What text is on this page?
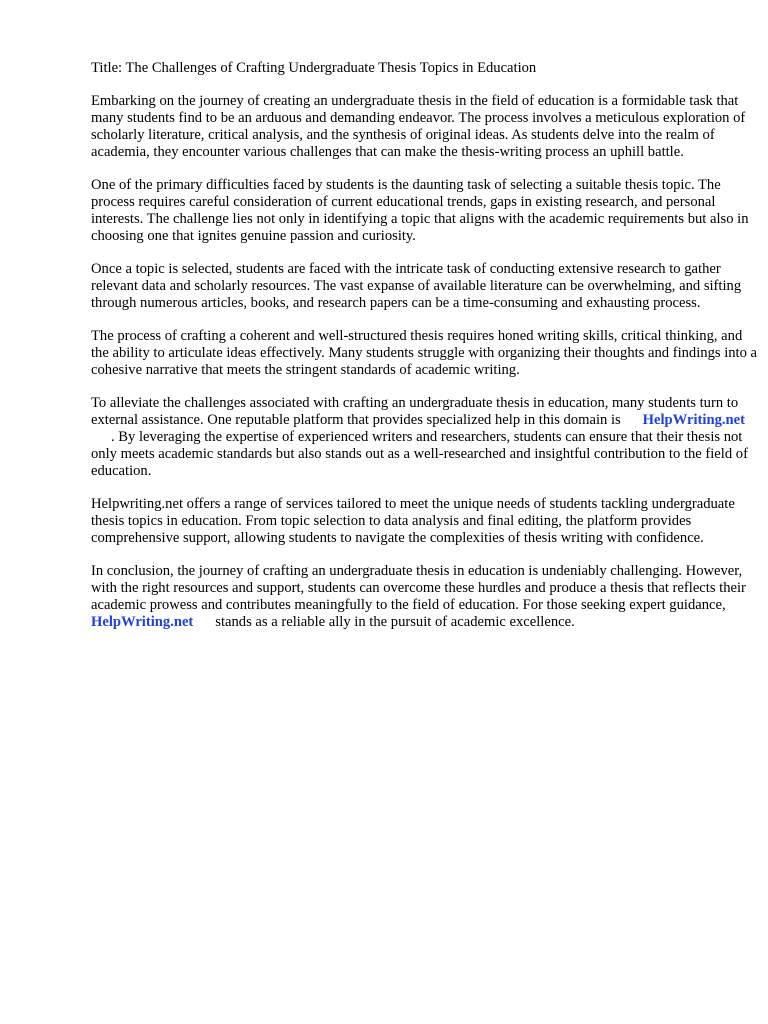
Title: The Challenges of Crafting Undergraduate Thesis Topics in Education

Embarking on the journey of creating an undergraduate thesis in the field of education is a formidable task that many students find to be an arduous and demanding endeavor. The process involves a meticulous exploration of scholarly literature, critical analysis, and the synthesis of original ideas. As students delve into the realm of academia, they encounter various challenges that can make the thesis-writing process an uphill battle.

One of the primary difficulties faced by students is the daunting task of selecting a suitable thesis topic. The process requires careful consideration of current educational trends, gaps in existing research, and personal interests. The challenge lies not only in identifying a topic that aligns with the academic requirements but also in choosing one that ignites genuine passion and curiosity.

Once a topic is selected, students are faced with the intricate task of conducting extensive research to gather relevant data and scholarly resources. The vast expanse of available literature can be overwhelming, and sifting through numerous articles, books, and research papers can be a time-consuming and exhausting process.

The process of crafting a coherent and well-structured thesis requires honed writing skills, critical thinking, and the ability to articulate ideas effectively. Many students struggle with organizing their thoughts and findings into a cohesive narrative that meets the stringent standards of academic writing.

To alleviate the challenges associated with crafting an undergraduate thesis in education, many students turn to external assistance. One reputable platform that provides specialized help in this domain is HelpWriting.net. By leveraging the expertise of experienced writers and researchers, students can ensure that their thesis not only meets academic standards but also stands out as a well-researched and insightful contribution to the field of education.

Helpwriting.net offers a range of services tailored to meet the unique needs of students tackling undergraduate thesis topics in education. From topic selection to data analysis and final editing, the platform provides comprehensive support, allowing students to navigate the complexities of thesis writing with confidence.

In conclusion, the journey of crafting an undergraduate thesis in education is undeniably challenging. However, with the right resources and support, students can overcome these hurdles and produce a thesis that reflects their academic prowess and contributes meaningfully to the field of education. For those seeking expert guidance,HelpWriting.net stands as a reliable ally in the pursuit of academic excellence.
